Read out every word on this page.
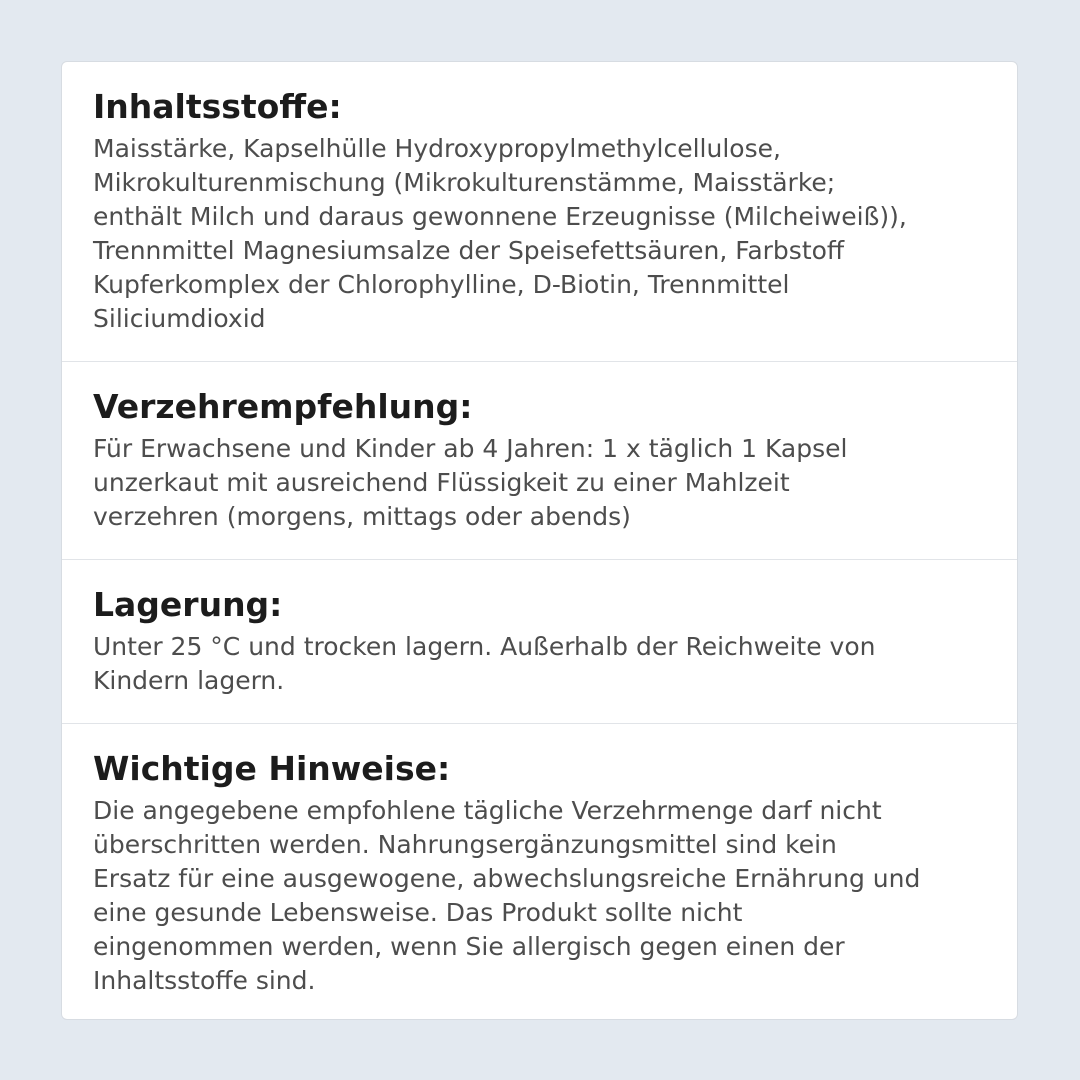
Inhaltsstoffe:

Maisstärke, Kapselhülle Hydroxypropylmethylcellulose,
Mikrokulturenmischung (Mikrokulturenstämme, Maisstärke;
enthält Milch und daraus gewonnene Erzeugnisse (Milcheiweiß)),
Trennmittel Magnesiumsalze der Speisefettsäuren, Farbstoff
Kupferkomplex der Chlorophylline, D-Biotin, Trennmittel
Siliciumdioxid

Verzehrempfehlung:

Für Erwachsene und Kinder ab 4 Jahren: 1 x täglich 1 Kapsel
unzerkaut mit ausreichend Flüssigkeit zu einer Mahlzeit
verzehren (morgens, mittags oder abends)

Lagerung:

Unter 25 °C und trocken lagern. Außerhalb der Reichweite von
Kindern lagern.

Wichtige Hinweise:

Die angegebene empfohlene tägliche Verzehrmenge darf nicht
überschritten werden. Nahrungsergänzungsmittel sind kein
Ersatz für eine ausgewogene, abwechslungsreiche Ernährung und
eine gesunde Lebensweise. Das Produkt sollte nicht
eingenommen werden, wenn Sie allergisch gegen einen der
Inhaltsstoffe sind.
